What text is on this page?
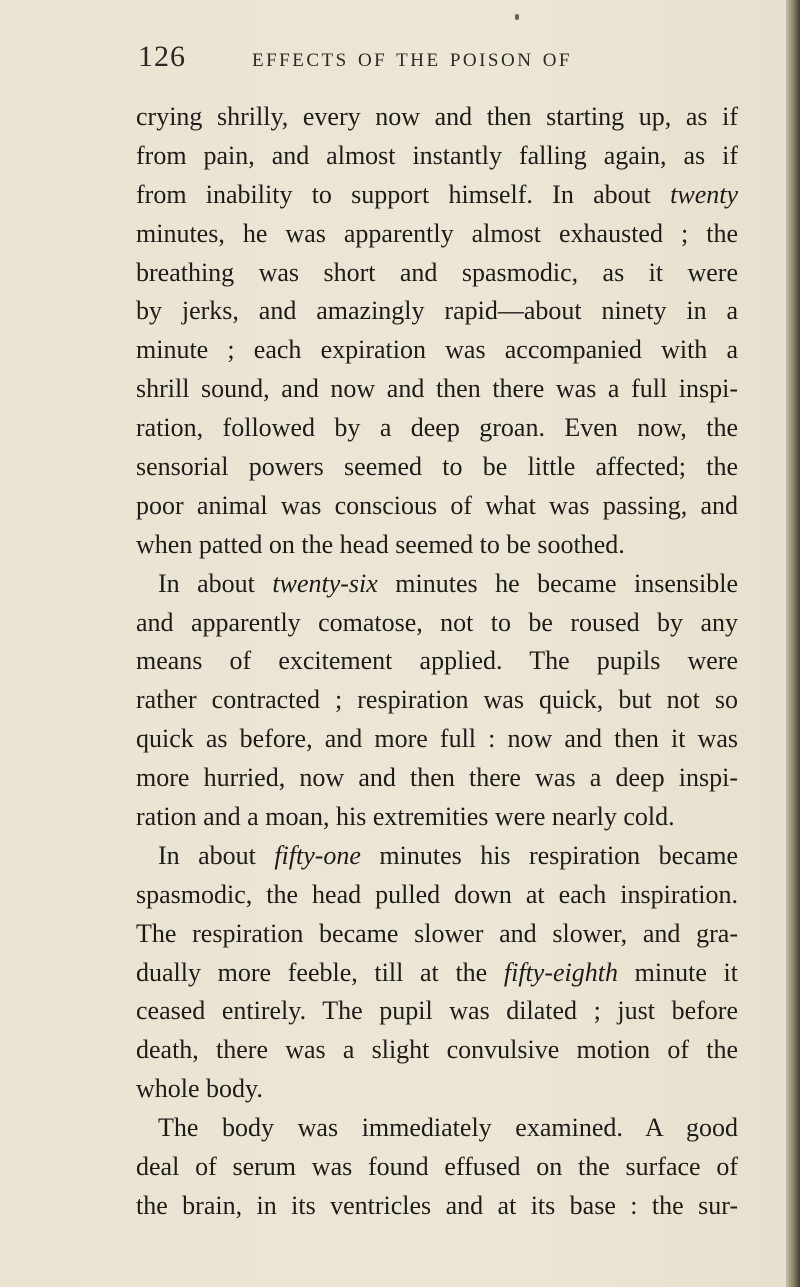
126	EFFECTS OF THE POISON OF
crying shrilly, every now and then starting up, as if
from pain, and almost instantly falling again, as if
from inability to support himself. In about twenty
minutes, he was apparently almost exhausted ; the
breathing was short and spasmodic, as it were
by jerks, and amazingly rapid—about ninety in a
minute ; each expiration was accompanied with a
shrill sound, and now and then there was a full inspi-
ration, followed by a deep groan. Even now, the
sensorial powers seemed to be little affected; the
poor animal was conscious of what was passing, and
when patted on the head seemed to be soothed.
In about twenty-six minutes he became insensible
and apparently comatose, not to be roused by any
means of excitement applied. The pupils were
rather contracted ; respiration was quick, but not so
quick as before, and more full : now and then it was
more hurried, now and then there was a deep inspi-
ration and a moan, his extremities were nearly cold.
In about fifty-one minutes his respiration became
spasmodic, the head pulled down at each inspiration.
The respiration became slower and slower, and gra-
dually more feeble, till at the fifty-eighth minute it
ceased entirely. The pupil was dilated ; just before
death, there was a slight convulsive motion of the
whole body.
The body was immediately examined. A good
deal of serum was found effused on the surface of
the brain, in its ventricles and at its base : the sur-
